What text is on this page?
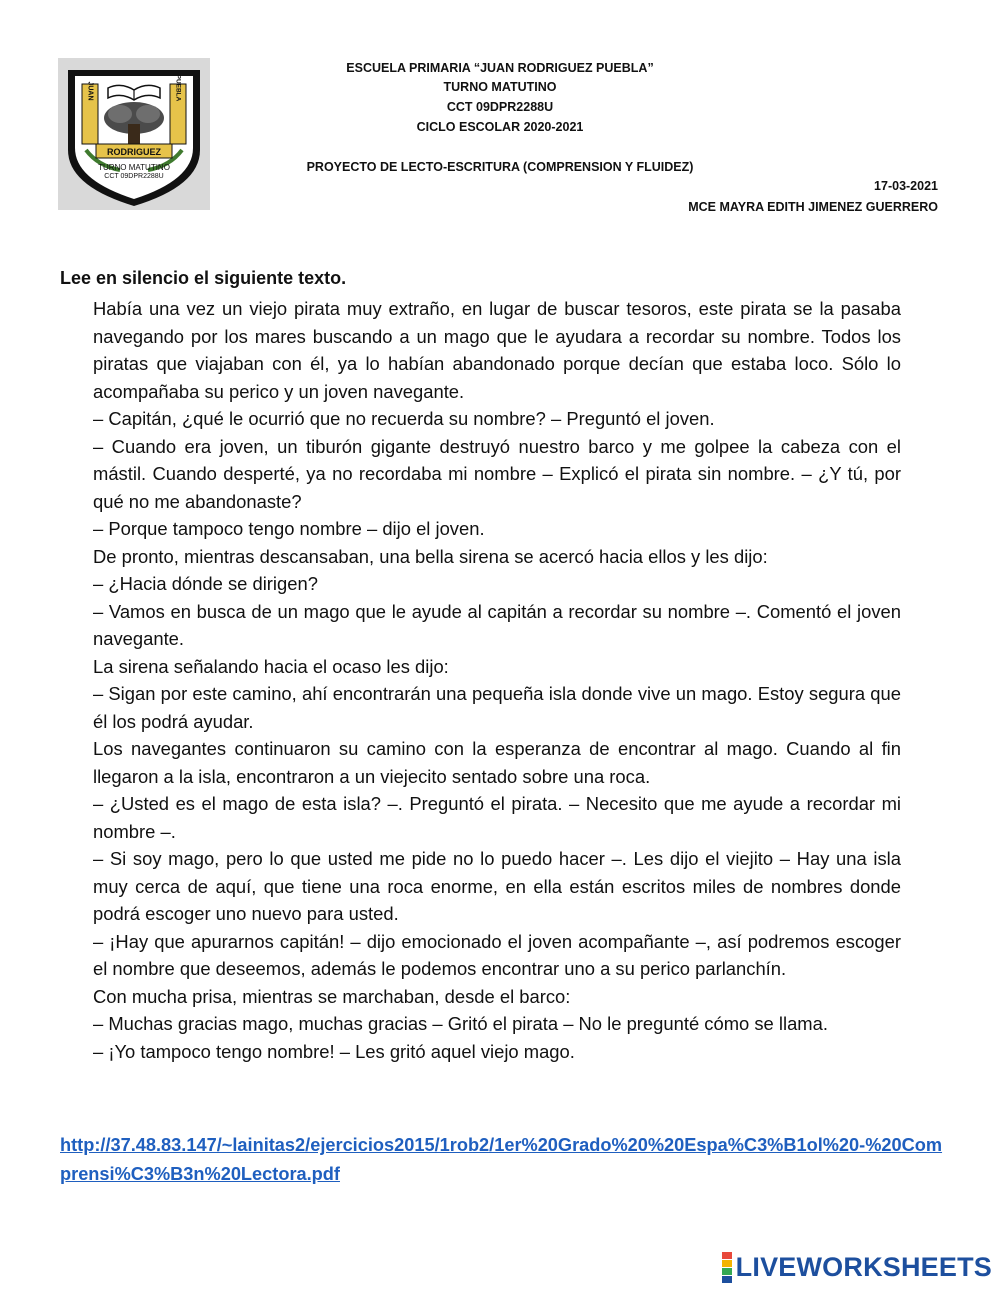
JUAN	PUEBLA
RODRIGUEZ
TURNO MATUTINO
CCT 09DPR2288U
ESCUELA PRIMARIA “JUAN RODRIGUEZ PUEBLA”
TURNO MATUTINO
CCT 09DPR2288U
CICLO ESCOLAR 2020-2021
PROYECTO DE LECTO-ESCRITURA (COMPRENSION Y FLUIDEZ)
17-03-2021
MCE MAYRA EDITH JIMENEZ GUERRERO
Lee en silencio el siguiente texto.

Había una vez un viejo pirata muy extraño, en lugar de buscar tesoros, este pirata se la pasaba navegando por los mares buscando a un mago que le ayudara a recordar su nombre. Todos los piratas que viajaban con él, ya lo habían abandonado porque decían que estaba loco. Sólo lo acompañaba su perico y un joven navegante.

– Capitán, ¿qué le ocurrió que no recuerda su nombre? – Preguntó el joven.

– Cuando era joven, un tiburón gigante destruyó nuestro barco y me golpee la cabeza con el mástil. Cuando desperté, ya no recordaba mi nombre – Explicó el pirata sin nombre. – ¿Y tú, por qué no me abandonaste?

– Porque tampoco tengo nombre – dijo el joven.

De pronto, mientras descansaban, una bella sirena se acercó hacia ellos y les dijo:

– ¿Hacia dónde se dirigen?

– Vamos en busca de un mago que le ayude al capitán a recordar su nombre –. Comentó el joven navegante.

La sirena señalando hacia el ocaso les dijo:

– Sigan por este camino, ahí encontrarán una pequeña isla donde vive un mago. Estoy segura que él los podrá ayudar.

Los navegantes continuaron su camino con la esperanza de encontrar al mago. Cuando al fin llegaron a la isla, encontraron a un viejecito sentado sobre una roca.

– ¿Usted es el mago de esta isla? –. Preguntó el pirata. – Necesito que me ayude a recordar mi nombre –.

– Si soy mago, pero lo que usted me pide no lo puedo hacer –. Les dijo el viejito – Hay una isla muy cerca de aquí, que tiene una roca enorme, en ella están escritos miles de nombres donde podrá escoger uno nuevo para usted.

– ¡Hay que apurarnos capitán! – dijo emocionado el joven acompañante –, así podremos escoger el nombre que deseemos, además le podemos encontrar uno a su perico parlanchín.

Con mucha prisa, mientras se marchaban, desde el barco:

– Muchas gracias mago, muchas gracias – Gritó el pirata – No le pregunté cómo se llama.

– ¡Yo tampoco tengo nombre! – Les gritó aquel viejo mago.

http://37.48.83.147/~lainitas2/ejercicios2015/1rob2/1er%20Grado%20%20Espa%C3%B1ol%20-%20Comprensi%C3%B3n%20Lectora.pdf
LIVEWORKSHEETS
